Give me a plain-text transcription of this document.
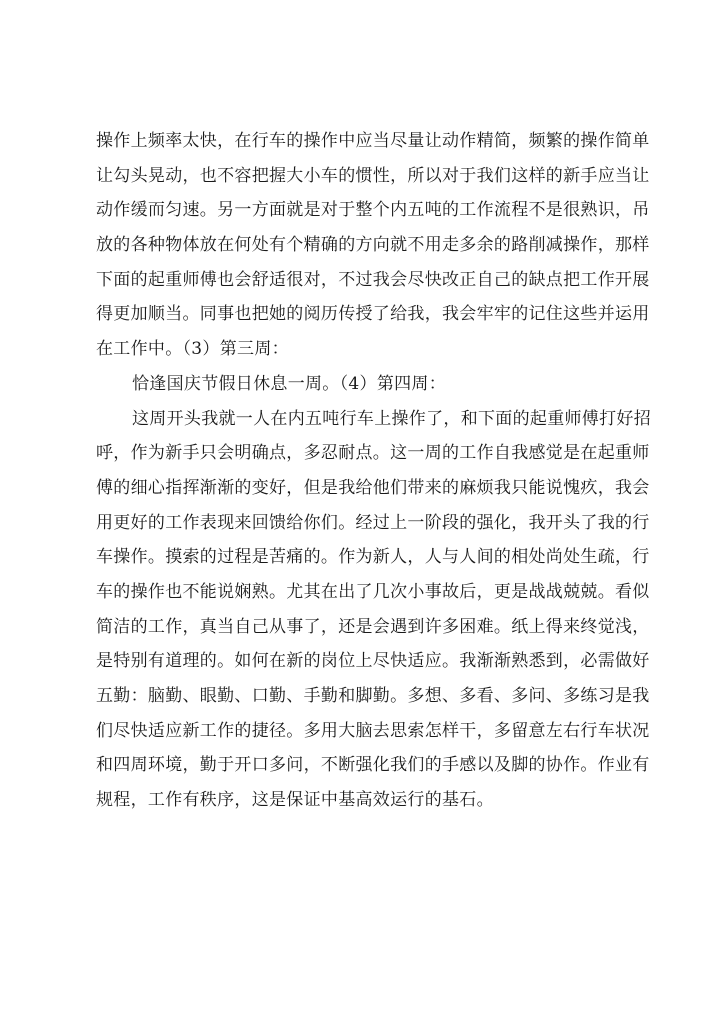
操作上频率太快，在行车的操作中应当尽量让动作精简，频繁的操作简单
让勾头晃动，也不容把握大小车的惯性，所以对于我们这样的新手应当让
动作缓而匀速。另一方面就是对于整个内五吨的工作流程不是很熟识，吊
放的各种物体放在何处有个精确的方向就不用走多余的路削减操作，那样
下面的起重师傅也会舒适很对，不过我会尽快改正自己的缺点把工作开展
得更加顺当。同事也把她的阅历传授了给我，我会牢牢的记住这些并运用
在工作中。（3）第三周：
恰逢国庆节假日休息一周。（4）第四周：
这周开头我就一人在内五吨行车上操作了，和下面的起重师傅打好招
呼，作为新手只会明确点，多忍耐点。这一周的工作自我感觉是在起重师
傅的细心指挥渐渐的变好，但是我给他们带来的麻烦我只能说愧疚，我会
用更好的工作表现来回馈给你们。经过上一阶段的强化，我开头了我的行
车操作。摸索的过程是苦痛的。作为新人，人与人间的相处尚处生疏，行
车的操作也不能说娴熟。尤其在出了几次小事故后，更是战战兢兢。看似
简洁的工作，真当自己从事了，还是会遇到许多困难。纸上得来终觉浅，
是特别有道理的。如何在新的岗位上尽快适应。我渐渐熟悉到，必需做好
五勤：脑勤、眼勤、口勤、手勤和脚勤。多想、多看、多问、多练习是我
们尽快适应新工作的捷径。多用大脑去思索怎样干，多留意左右行车状况
和四周环境，勤于开口多问，不断强化我们的手感以及脚的协作。作业有
规程，工作有秩序，这是保证中基高效运行的基石。
